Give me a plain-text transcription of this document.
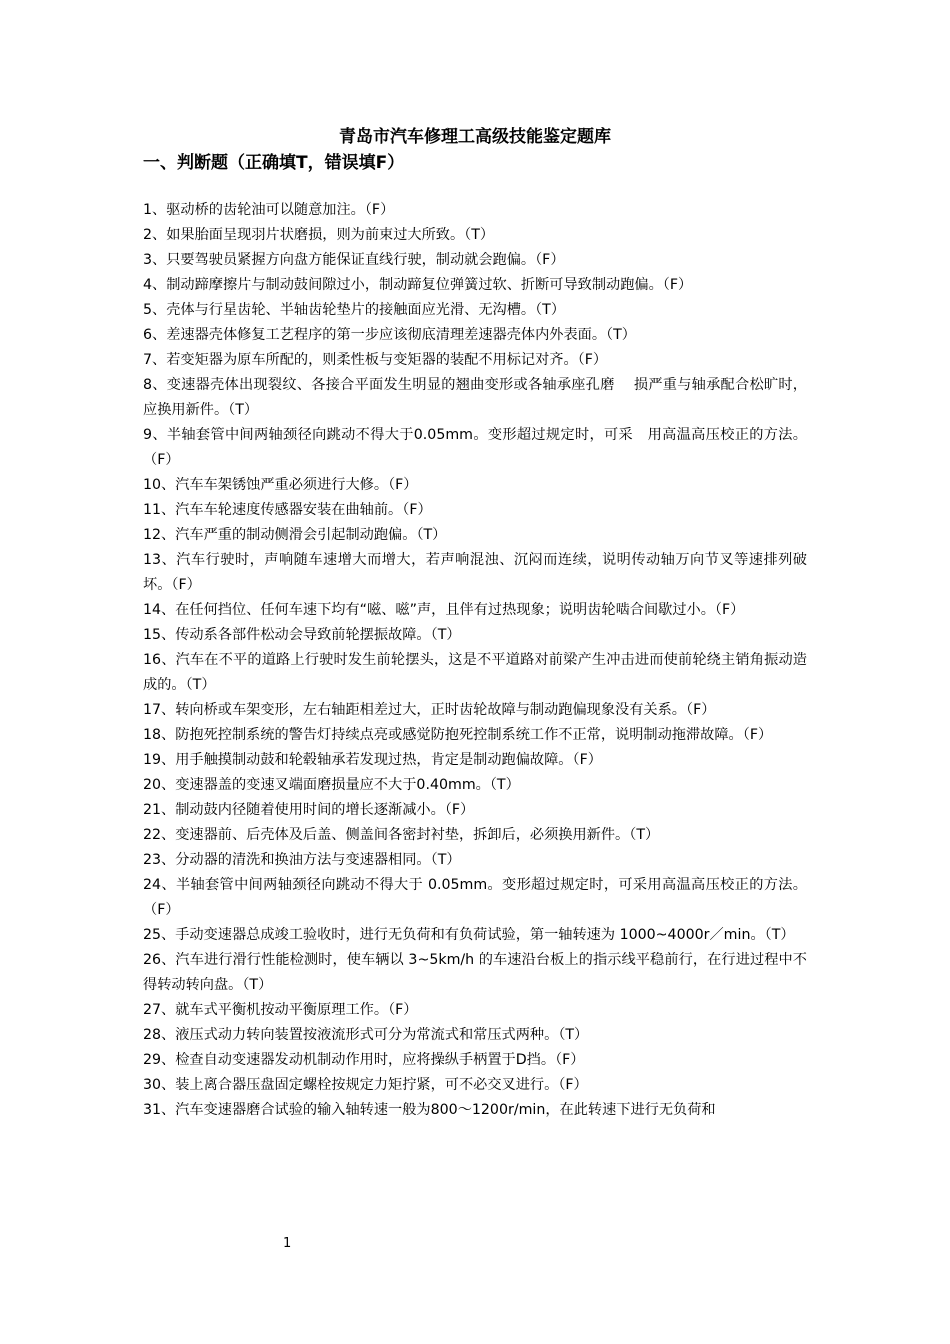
青岛市汽车修理工高级技能鉴定题库
一、判断题（正确填T，错误填F）
1、驱动桥的齿轮油可以随意加注。（F）
2、如果胎面呈现羽片状磨损，则为前束过大所致。（T）
3、只要驾驶员紧握方向盘方能保证直线行驶，制动就会跑偏。（F）
4、制动蹄摩擦片与制动鼓间隙过小，制动蹄复位弹簧过软、折断可导致制动跑偏。（F）
5、壳体与行星齿轮、半轴齿轮垫片的接触面应光滑、无沟槽。（T）
6、差速器壳体修复工艺程序的第一步应该彻底清理差速器壳体内外表面。（T）
7、若变矩器为原车所配的，则柔性板与变矩器的装配不用标记对齐。（F）
8、变速器壳体出现裂纹、各接合平面发生明显的翘曲变形或各轴承座孔磨　 损严重与轴承配合松旷时，应换用新件。（T）
9、半轴套管中间两轴颈径向跳动不得大于0.05mm。变形超过规定时，可采　用高温高压校正的方法。（F）
10、汽车车架锈蚀严重必须进行大修。（F）
11、汽车车轮速度传感器安装在曲轴前。（F）
12、汽车严重的制动侧滑会引起制动跑偏。（T）
13、汽车行驶时，声响随车速增大而增大，若声响混浊、沉闷而连续，说明传动轴万向节叉等速排列破坏。（F）
14、在任何挡位、任何车速下均有“嗞、嗞”声，且伴有过热现象；说明齿轮啮合间歇过小。（F）
15、传动系各部件松动会导致前轮摆振故障。（T）
16、汽车在不平的道路上行驶时发生前轮摆头，这是不平道路对前梁产生冲击进而使前轮绕主销角振动造成的。（T）
17、转向桥或车架变形，左右轴距相差过大，正时齿轮故障与制动跑偏现象没有关系。（F）
18、防抱死控制系统的警告灯持续点亮或感觉防抱死控制系统工作不正常，说明制动拖滞故障。（F）
19、用手触摸制动鼓和轮毂轴承若发现过热，肯定是制动跑偏故障。（F）
20、变速器盖的变速叉端面磨损量应不大于0.40mm。（T）
21、制动鼓内径随着使用时间的增长逐渐减小。（F）
22、变速器前、后壳体及后盖、侧盖间各密封衬垫，拆卸后，必须换用新件。（T）
23、分动器的清洗和换油方法与变速器相同。（T）
24、半轴套管中间两轴颈径向跳动不得大于 0.05mm。变形超过规定时，可采用高温高压校正的方法。（F）
25、手动变速器总成竣工验收时，进行无负荷和有负荷试验，第一轴转速为 1000~4000r／min。（T）
26、汽车进行滑行性能检测时，使车辆以 3~5km/h 的车速沿台板上的指示线平稳前行，在行进过程中不得转动转向盘。（T）
27、就车式平衡机按动平衡原理工作。（F）
28、液压式动力转向装置按液流形式可分为常流式和常压式两种。（T）
29、检查自动变速器发动机制动作用时，应将操纵手柄置于D挡。（F）
30、装上离合器压盘固定螺栓按规定力矩拧紧，可不必交叉进行。（F）
31、汽车变速器磨合试验的输入轴转速一般为800～1200r/min，在此转速下进行无负荷和
1
